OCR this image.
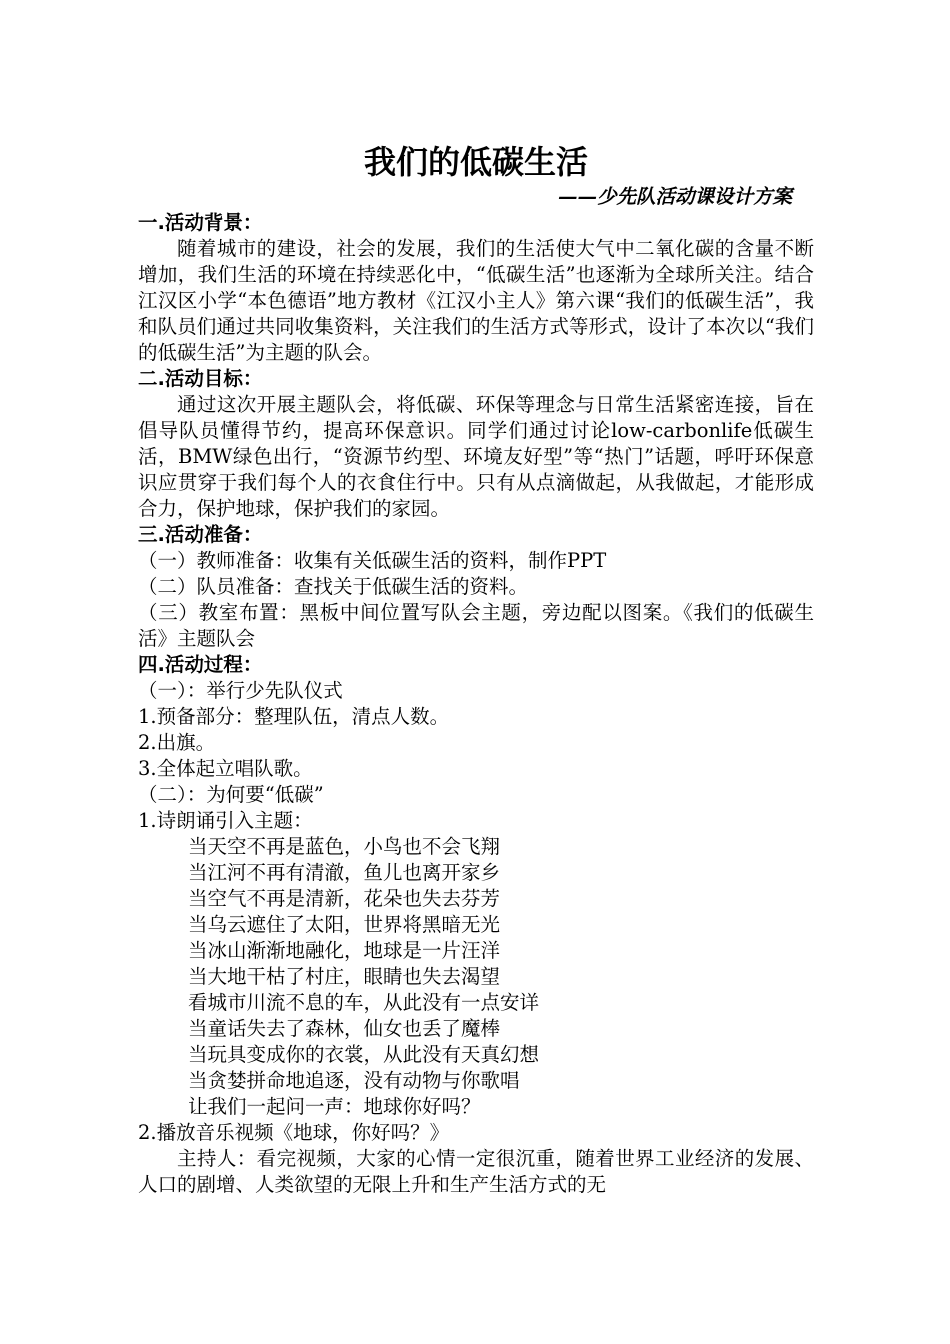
我们的低碳生活
——少先队活动课设计方案
一.活动背景：
随着城市的建设，社会的发展，我们的生活使大气中二氧化碳的含量不断增加，我们生活的环境在持续恶化中，“低碳生活”也逐渐为全球所关注。结合江汉区小学“本色德语”地方教材《江汉小主人》第六课“我们的低碳生活”，我和队员们通过共同收集资料，关注我们的生活方式等形式，设计了本次以“我们的低碳生活”为主题的队会。
二.活动目标：
通过这次开展主题队会，将低碳、环保等理念与日常生活紧密连接，旨在倡导队员懂得节约，提高环保意识。同学们通过讨论low-carbonlife低碳生活，BMW绿色出行，“资源节约型、环境友好型”等“热门”话题，呼吁环保意识应贯穿于我们每个人的衣食住行中。只有从点滴做起，从我做起，才能形成合力，保护地球，保护我们的家园。
三.活动准备：
（一）教师准备：收集有关低碳生活的资料，制作PPT
（二）队员准备：查找关于低碳生活的资料。
（三）教室布置：黑板中间位置写队会主题，旁边配以图案。《我们的低碳生活》主题队会
四.活动过程：
（一）：举行少先队仪式
1.预备部分：整理队伍，清点人数。
2.出旗。
3.全体起立唱队歌。
（二）：为何要“低碳”
1.诗朗诵引入主题：
当天空不再是蓝色，小鸟也不会飞翔
当江河不再有清澈，鱼儿也离开家乡
当空气不再是清新，花朵也失去芬芳
当乌云遮住了太阳，世界将黑暗无光
当冰山渐渐地融化，地球是一片汪洋
当大地干枯了村庄，眼睛也失去渴望
看城市川流不息的车，从此没有一点安详
当童话失去了森林，仙女也丢了魔棒
当玩具变成你的衣裳，从此没有天真幻想
当贪婪拼命地追逐，没有动物与你歌唱
让我们一起问一声：地球你好吗？
2.播放音乐视频《地球，你好吗？》
主持人：看完视频，大家的心情一定很沉重，随着世界工业经济的发展、人口的剧增、人类欲望的无限上升和生产生活方式的无
